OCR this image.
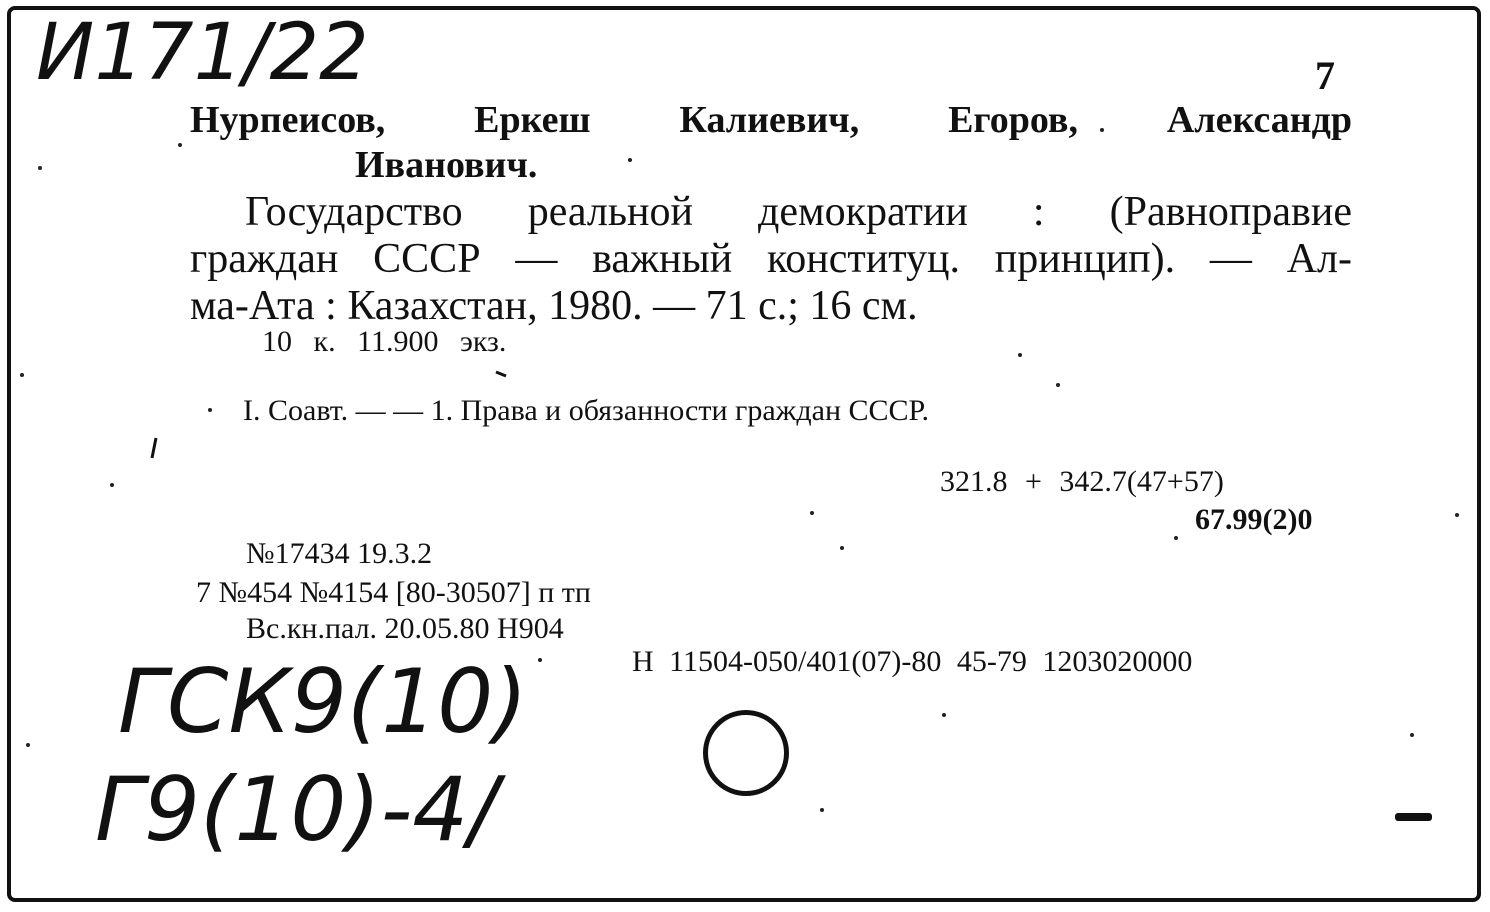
И171/22
ГСК9(10)
Г9(10)-4/
7
Нурпеисов, Еркеш Калиевич, Егоров, Александр
Иванович.
Государство реальной демократии : (Равноправие
граждан СССР — важный конституц. принцип). — Ал-
ма-Ата : Казахстан, 1980. — 71 с.; 16 см.
10 к. 11.900 экз.
I. Соавт. — — 1. Права и обязанности граждан СССР.
321.8 + 342.7(47+57)
67.99(2)0
№17434 19.3.2
7 №454 №4154 [80-30507] п тп
Вс.кн.пал. 20.05.80 Н904
Н 11504-050/401(07)-80 45-79 1203020000
